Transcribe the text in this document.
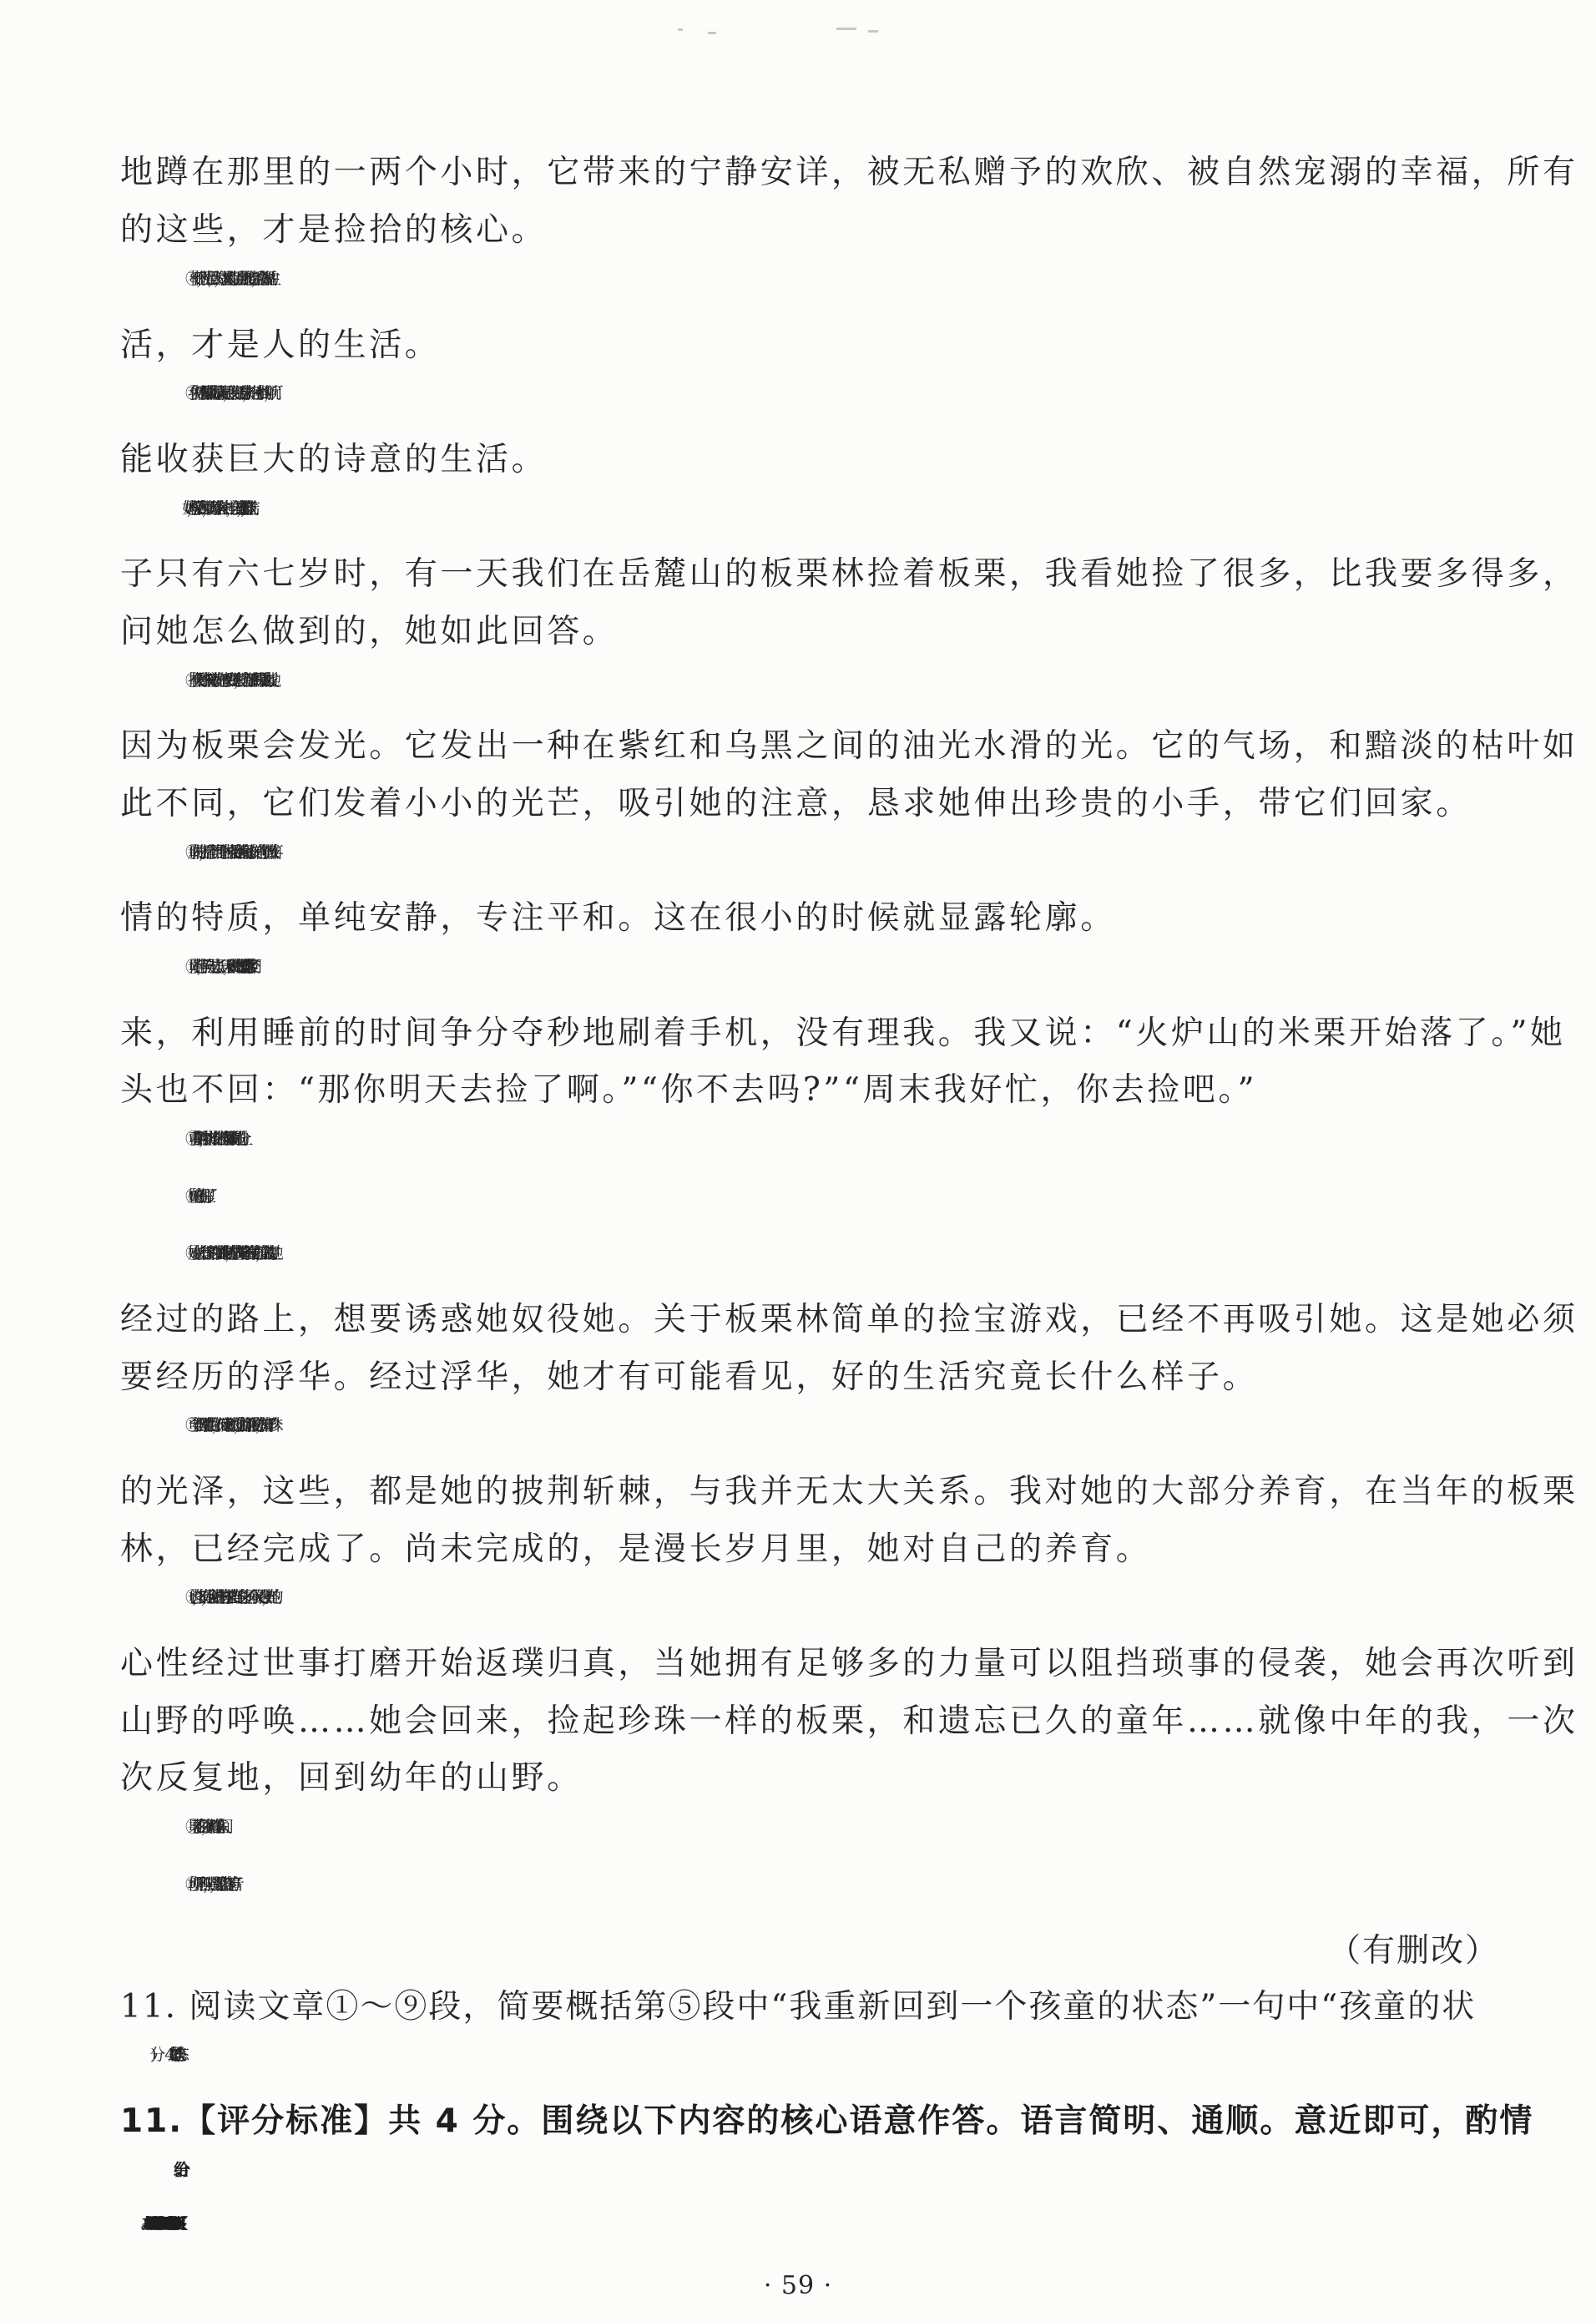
地蹲在那里的一两个小时，它带来的宁静安详，被无私赠予的欢欣、被自然宠溺的幸福，所有
的这些，才是捡拾的核心。
⑧不慌不忙，无忧无惧，大约，这就是人的生活。跟自然连接的生活，被自然祝福的生
活，才是人的生活。
⑨我们并不需要驯服山川湖海满天星辰，我们只要俯下身去，拥抱一片小小的山野，就可
能收获巨大的诗意的生活。
⑩“妈妈，板栗落在山里，就像珍珠落在地上一样，它闪着光，很好找。”几年前，当桔
子只有六七岁时，有一天我们在岳麓山的板栗林捡着板栗，我看她捡了很多，比我要多得多，
问她怎么做到的，她如此回答。
⑪捡板栗对桔子来说毫不费力。她似乎只要蹲下去，就会有源源不断的板栗主动来找她。
因为板栗会发光。它发出一种在紫红和乌黑之间的油光水滑的光。它的气场，和黯淡的枯叶如
此不同，它们发着小小的光芒，吸引她的注意，恳求她伸出珍贵的小手，带它们回家。
⑫那时的桔子，是个全神贯注几个小时捡板栗捡到不肯回家的小孩。她有一个能够做成事
情的特质，单纯安静，专注平和。这在很小的时候就显露轮廓。
⑬光阴荏苒，一晃几年过去了。早几天，我说：“火炉山的米栗开始落了。”她刚从学校回
来，利用睡前的时间争分夺秒地刷着手机，没有理我。我又说：“火炉山的米栗开始落了。”她
头也不回：“那你明天去捡了啊。”“你不去吗?”“周末我好忙，你去捡吧。”
⑭青春期的她，其实并没有忙到捡板栗都没有时间的份上。
⑮她的心不在那里了。
⑯她在长大。有很多东西在引诱她的眼睛，那些快捷的喧嚣的浅薄的东西，它们匍匐在她
经过的路上，想要诱惑她奴役她。关于板栗林简单的捡宝游戏，已经不再吸引她。这是她必须
要经历的浮华。经过浮华，她才有可能看见，好的生活究竟长什么样子。
⑰至于如何甄别生活的好坏，如何定义时间的质地，如何挣脱浮浅的诱惑，如何守护珍珠
的光泽，这些，都是她的披荆斩棘，与我并无太大关系。我对她的大部分养育，在当年的板栗
林，已经完成了。尚未完成的，是漫长岁月里，她对自己的养育。
⑱也许，多年后，她会回到这样的林子里来。当她的身边多了一个水灵灵的孩子，当她的
心性经过世事打磨开始返璞归真，当她拥有足够多的力量可以阻挡琐事的侵袭，她会再次听到
山野的呼唤……她会回来，捡起珍珠一样的板栗，和遗忘已久的童年……就像中年的我，一次
次反复地，回到幼年的山野。
⑲果子落在山间，犹如珍珠落在人间。
⑳你听见了吗？噗，噗噗，那是它们落下的声音。
（有删改）
11. 阅读文章①～⑨段，简要概括第⑤段中“我重新回到一个孩童的状态”一句中“孩童的状
11.【评分标准】共 4 分。围绕以下内容的核心语意作答。语言简明、通顺。意近即可，酌情
给分。
· 59 ·
